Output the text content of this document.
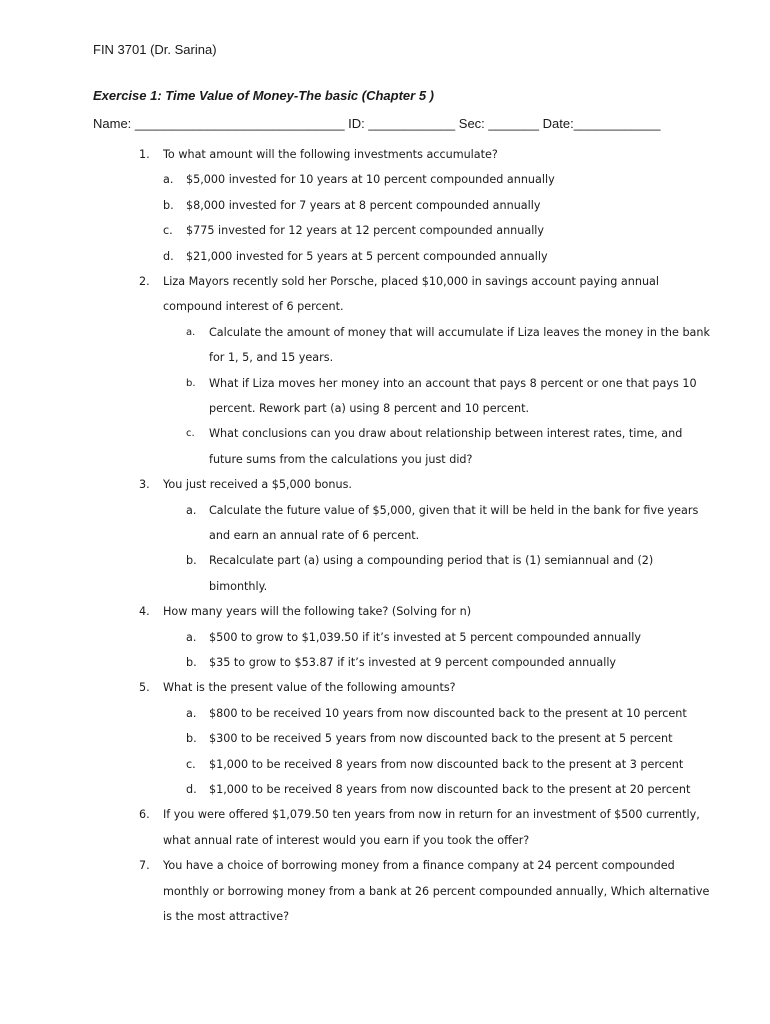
FIN 3701 (Dr. Sarina)
Exercise 1: Time Value of Money-The basic (Chapter 5 )
Name: _____________________________ ID: ____________ Sec: _______ Date:____________
1. To what amount will the following investments accumulate?
a. $5,000 invested for 10 years at 10 percent compounded annually
b. $8,000 invested for 7 years at 8 percent compounded annually
c. $775 invested for 12 years at 12 percent compounded annually
d. $21,000 invested for 5 years at 5 percent compounded annually
2. Liza Mayors recently sold her Porsche, placed $10,000 in savings account paying annual
compound interest of 6 percent.
a. Calculate the amount of money that will accumulate if Liza leaves the money in the bank
for 1, 5, and 15 years.
b. What if Liza moves her money into an account that pays 8 percent or one that pays 10
percent. Rework part (a) using 8 percent and 10 percent.
c. What conclusions can you draw about relationship between interest rates, time, and
future sums from the calculations you just did?
3. You just received a $5,000 bonus.
a. Calculate the future value of $5,000, given that it will be held in the bank for five years
and earn an annual rate of 6 percent.
b. Recalculate part (a) using a compounding period that is (1) semiannual and (2)
bimonthly.
4. How many years will the following take? (Solving for n)
a. $500 to grow to $1,039.50 if it’s invested at 5 percent compounded annually
b. $35 to grow to $53.87 if it’s invested at 9 percent compounded annually
5. What is the present value of the following amounts?
a. $800 to be received 10 years from now discounted back to the present at 10 percent
b. $300 to be received 5 years from now discounted back to the present at 5 percent
c. $1,000 to be received 8 years from now discounted back to the present at 3 percent
d. $1,000 to be received 8 years from now discounted back to the present at 20 percent
6. If you were offered $1,079.50 ten years from now in return for an investment of $500 currently,
what annual rate of interest would you earn if you took the offer?
7. You have a choice of borrowing money from a finance company at 24 percent compounded
monthly or borrowing money from a bank at 26 percent compounded annually, Which alternative
is the most attractive?
